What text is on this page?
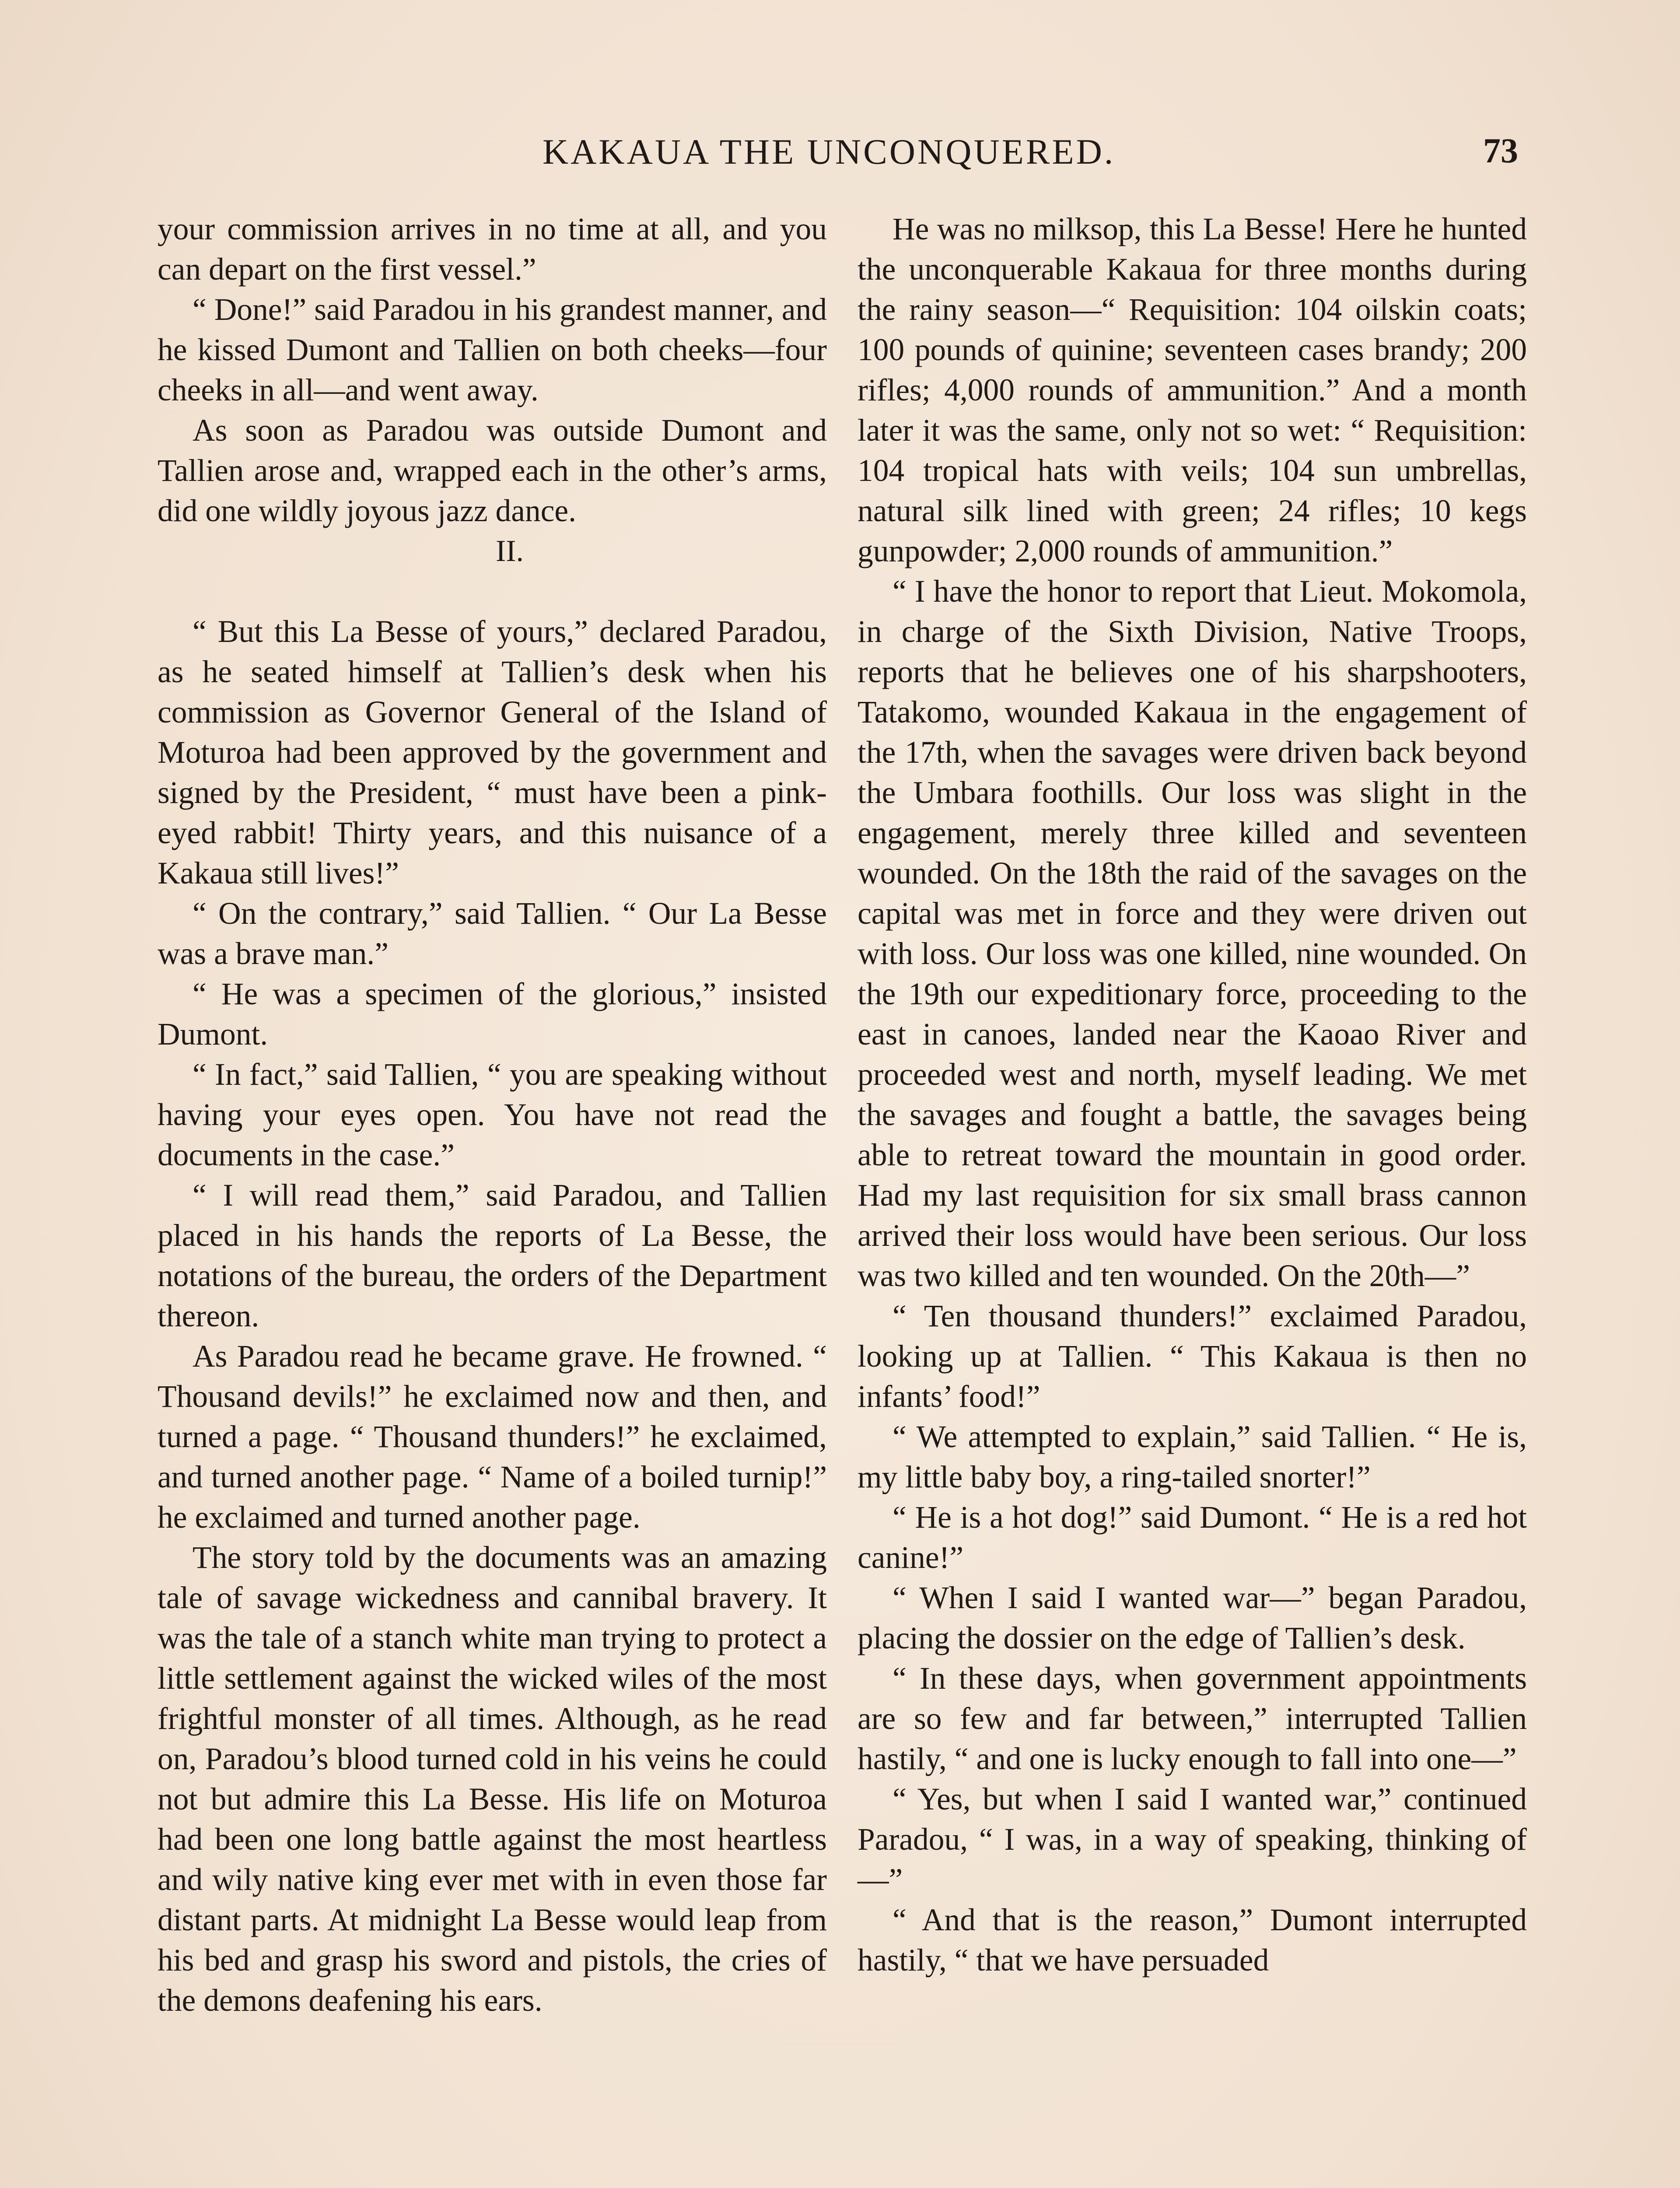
KAKAUA THE UNCONQUERED.	73

your commission arrives in no time at all, and you can depart on the first vessel.”

“ Done!” said Paradou in his grandest manner, and he kissed Dumont and Tallien on both cheeks—four cheeks in all—and went away.

As soon as Paradou was outside Dumont and Tallien arose and, wrapped each in the other’s arms, did one wildly joyous jazz dance.

II.

“ But this La Besse of yours,” declared Paradou, as he seated himself at Tallien’s desk when his commission as Governor General of the Island of Moturoa had been approved by the government and signed by the President, “ must have been a pink-eyed rabbit! Thirty years, and this nuisance of a Kakaua still lives!”

“ On the contrary,” said Tallien. “ Our La Besse was a brave man.”

“ He was a specimen of the glorious,” insisted Dumont.

“ In fact,” said Tallien, “ you are speaking without having your eyes open. You have not read the documents in the case.”

“ I will read them,” said Paradou, and Tallien placed in his hands the reports of La Besse, the notations of the bureau, the orders of the Department thereon.

As Paradou read he became grave. He frowned. “ Thousand devils!” he exclaimed now and then, and turned a page. “ Thousand thunders!” he exclaimed, and turned another page. “ Name of a boiled turnip!” he exclaimed and turned another page.

The story told by the documents was an amazing tale of savage wickedness and cannibal bravery. It was the tale of a stanch white man trying to protect a little settlement against the wicked wiles of the most frightful monster of all times. Although, as he read on, Paradou’s blood turned cold in his veins he could not but admire this La Besse. His life on Moturoa had been one long battle against the most heartless and wily native king ever met with in even those far distant parts. At midnight La Besse would leap from his bed and grasp his sword and pistols, the cries of the demons deafening his ears.

He was no milksop, this La Besse! Here he hunted the unconquerable Kakaua for three months during the rainy season—“ Requisition: 104 oilskin coats; 100 pounds of quinine; seventeen cases brandy; 200 rifles; 4,000 rounds of ammunition.” And a month later it was the same, only not so wet: “ Requisition: 104 tropical hats with veils; 104 sun umbrellas, natural silk lined with green; 24 rifles; 10 kegs gunpowder; 2,000 rounds of ammunition.”

“ I have the honor to report that Lieut. Mokomola, in charge of the Sixth Division, Native Troops, reports that he believes one of his sharpshooters, Tatakomo, wounded Kakaua in the engagement of the 17th, when the savages were driven back beyond the Umbara foothills. Our loss was slight in the engagement, merely three killed and seventeen wounded. On the 18th the raid of the savages on the capital was met in force and they were driven out with loss. Our loss was one killed, nine wounded. On the 19th our expeditionary force, proceeding to the east in canoes, landed near the Kaoao River and proceeded west and north, myself leading. We met the savages and fought a battle, the savages being able to retreat toward the mountain in good order. Had my last requisition for six small brass cannon arrived their loss would have been serious. Our loss was two killed and ten wounded. On the 20th—”

“ Ten thousand thunders!” exclaimed Paradou, looking up at Tallien. “ This Kakaua is then no infants’ food!”

“ We attempted to explain,” said Tallien. “ He is, my little baby boy, a ring-tailed snorter!”

“ He is a hot dog!” said Dumont. “ He is a red hot canine!”

“ When I said I wanted war—” began Paradou, placing the dossier on the edge of Tallien’s desk.

“ In these days, when government appointments are so few and far between,” interrupted Tallien hastily, “ and one is lucky enough to fall into one—”

“ Yes, but when I said I wanted war,” continued Paradou, “ I was, in a way of speaking, thinking of—”

“ And that is the reason,” Dumont interrupted hastily, “ that we have persuaded
